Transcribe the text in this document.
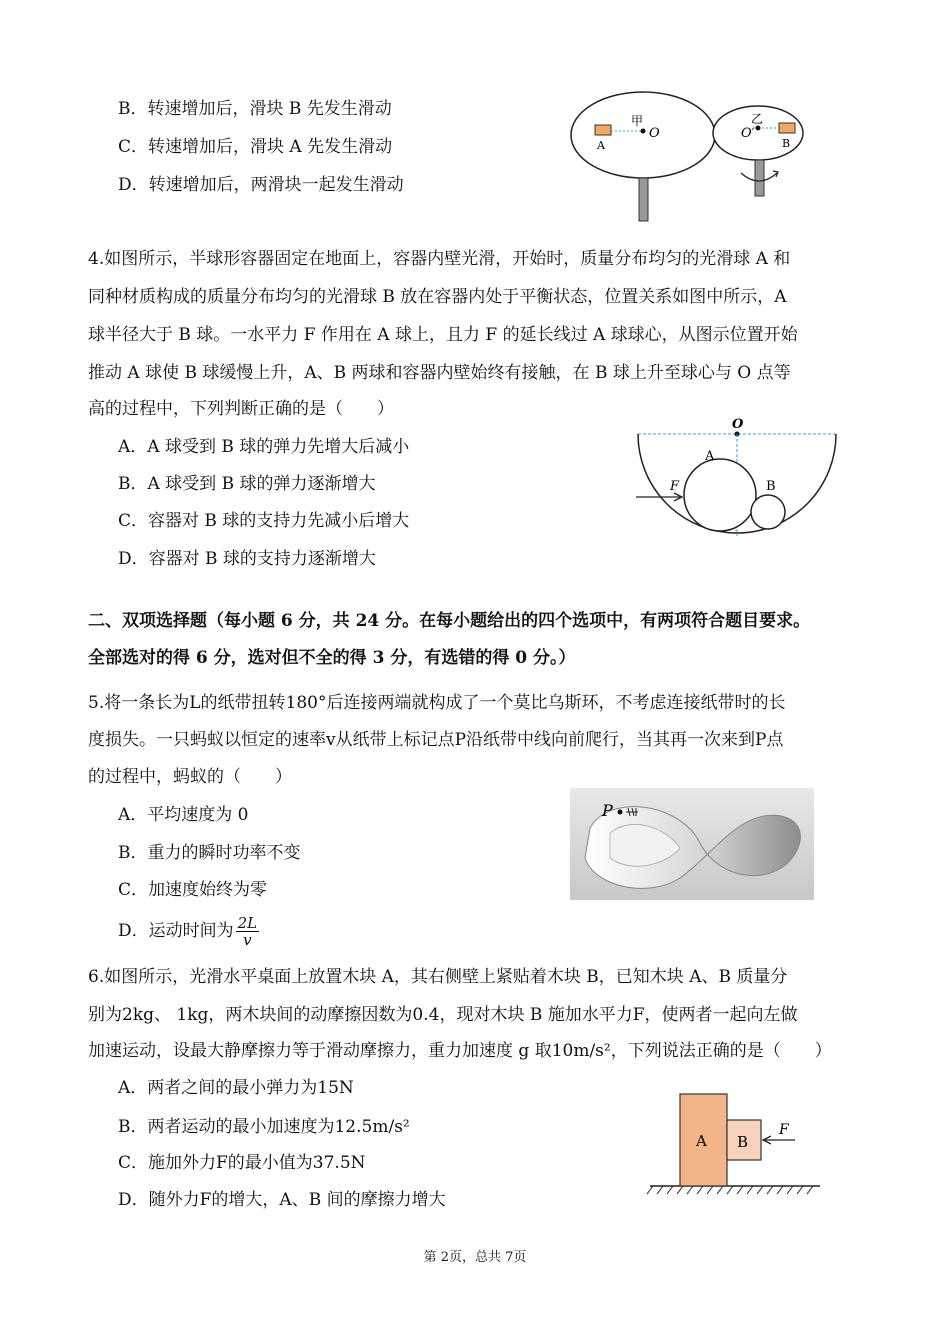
B．转速增加后，滑块 B 先发生滑动
C．转速增加后，滑块 A 先发生滑动
D．转速增加后，两滑块一起发生滑动
甲
O
A
乙
O′
B
4.如图所示，半球形容器固定在地面上，容器内壁光滑，开始时，质量分布均匀的光滑球 A 和
同种材质构成的质量分布均匀的光滑球 B 放在容器内处于平衡状态，位置关系如图中所示，A
球半径大于 B 球。一水平力 F 作用在 A 球上，且力 F 的延长线过 A 球球心，从图示位置开始
推动 A 球使 B 球缓慢上升，A、B 两球和容器内壁始终有接触，在 B 球上升至球心与 O 点等
高的过程中，下列判断正确的是（　　）
A．A 球受到 B 球的弹力先增大后减小
B．A 球受到 B 球的弹力逐渐增大
C．容器对 B 球的支持力先减小后增大
D．容器对 B 球的支持力逐渐增大
O
A
B
F
二、双项选择题（每小题 6 分，共 24 分。在每小题给出的四个选项中，有两项符合题目要求。
全部选对的得 6 分，选对但不全的得 3 分，有选错的得 0 分。）
5.将一条长为L的纸带扭转180°后连接两端就构成了一个莫比乌斯环，不考虑连接纸带时的长
度损失。一只蚂蚁以恒定的速率v从纸带上标记点P沿纸带中线向前爬行，当其再一次来到P点
的过程中，蚂蚁的（　　）
A．平均速度为 0
B．重力的瞬时功率不变
C．加速度始终为零
D．运动时间为 $\frac{2L}{v}$
P
6.如图所示，光滑水平桌面上放置木块 A，其右侧壁上紧贴着木块 B，已知木块 A、B 质量分
别为2kg、 1kg，两木块间的动摩擦因数为0.4，现对木块 B 施加水平力F，使两者一起向左做
加速运动，设最大静摩擦力等于滑动摩擦力，重力加速度 g 取10m/s²，下列说法正确的是（　　）
A．两者之间的最小弹力为15N
B．两者运动的最小加速度为12.5m/s²
C．施加外力F的最小值为37.5N
D．随外力F的增大，A、B 间的摩擦力增大
A B
F
第 2页，总共 7页
